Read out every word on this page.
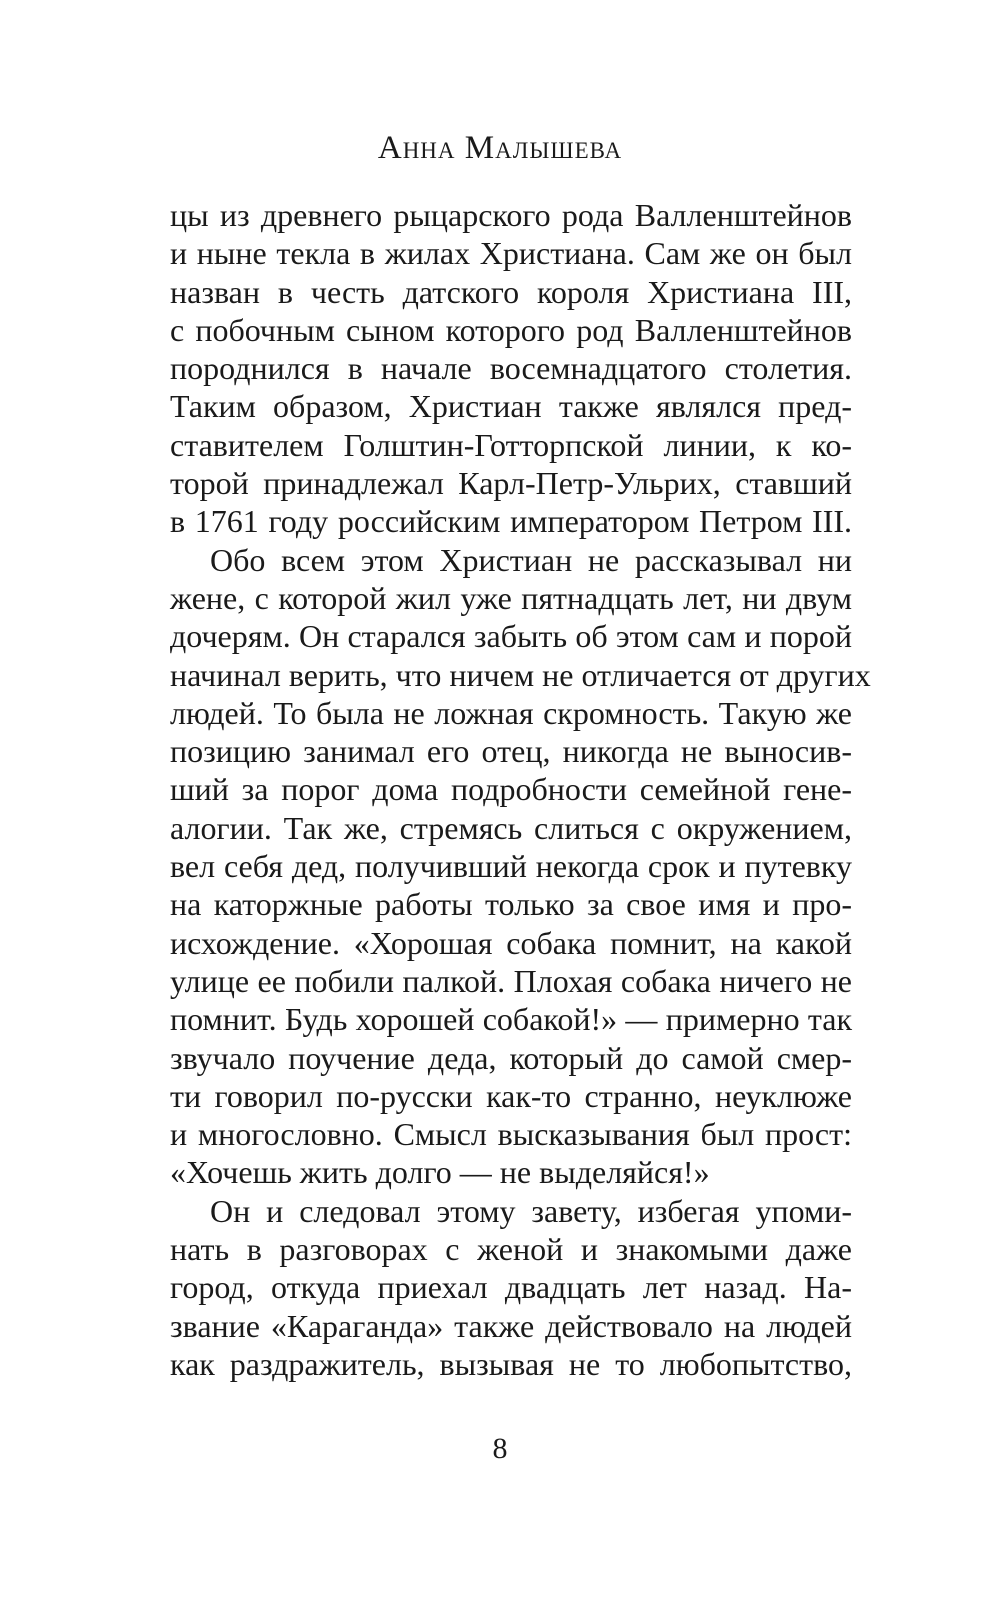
Анна Малышева
цы из древнего рыцарского рода Валленштейнов
и ныне текла в жилах Христиана. Сам же он был
назван в честь датского короля Христиана III,
с побочным сыном которого род Валленштейнов
породнился в начале восемнадцатого столетия.
Таким образом, Христиан также являлся пред-
ставителем Голштин-Готторпской линии, к ко-
торой принадлежал Карл-Петр-Ульрих, ставший
в 1761 году российским императором Петром III.
Обо всем этом Христиан не рассказывал ни
жене, с которой жил уже пятнадцать лет, ни двум
дочерям. Он старался забыть об этом сам и порой
начинал верить, что ничем не отличается от других
людей. То была не ложная скромность. Такую же
позицию занимал его отец, никогда не выносив-
ший за порог дома подробности семейной гене-
алогии. Так же, стремясь слиться с окружением,
вел себя дед, получивший некогда срок и путевку
на каторжные работы только за свое имя и про-
исхождение. «Хорошая собака помнит, на какой
улице ее побили палкой. Плохая собака ничего не
помнит. Будь хорошей собакой!» — примерно так
звучало поучение деда, который до самой смер-
ти говорил по-русски как-то странно, неуклюже
и многословно. Смысл высказывания был прост:
«Хочешь жить долго — не выделяйся!»
Он и следовал этому завету, избегая упоми-
нать в разговорах с женой и знакомыми даже
город, откуда приехал двадцать лет назад. На-
звание «Караганда» также действовало на людей
как раздражитель, вызывая не то любопытство,
8
